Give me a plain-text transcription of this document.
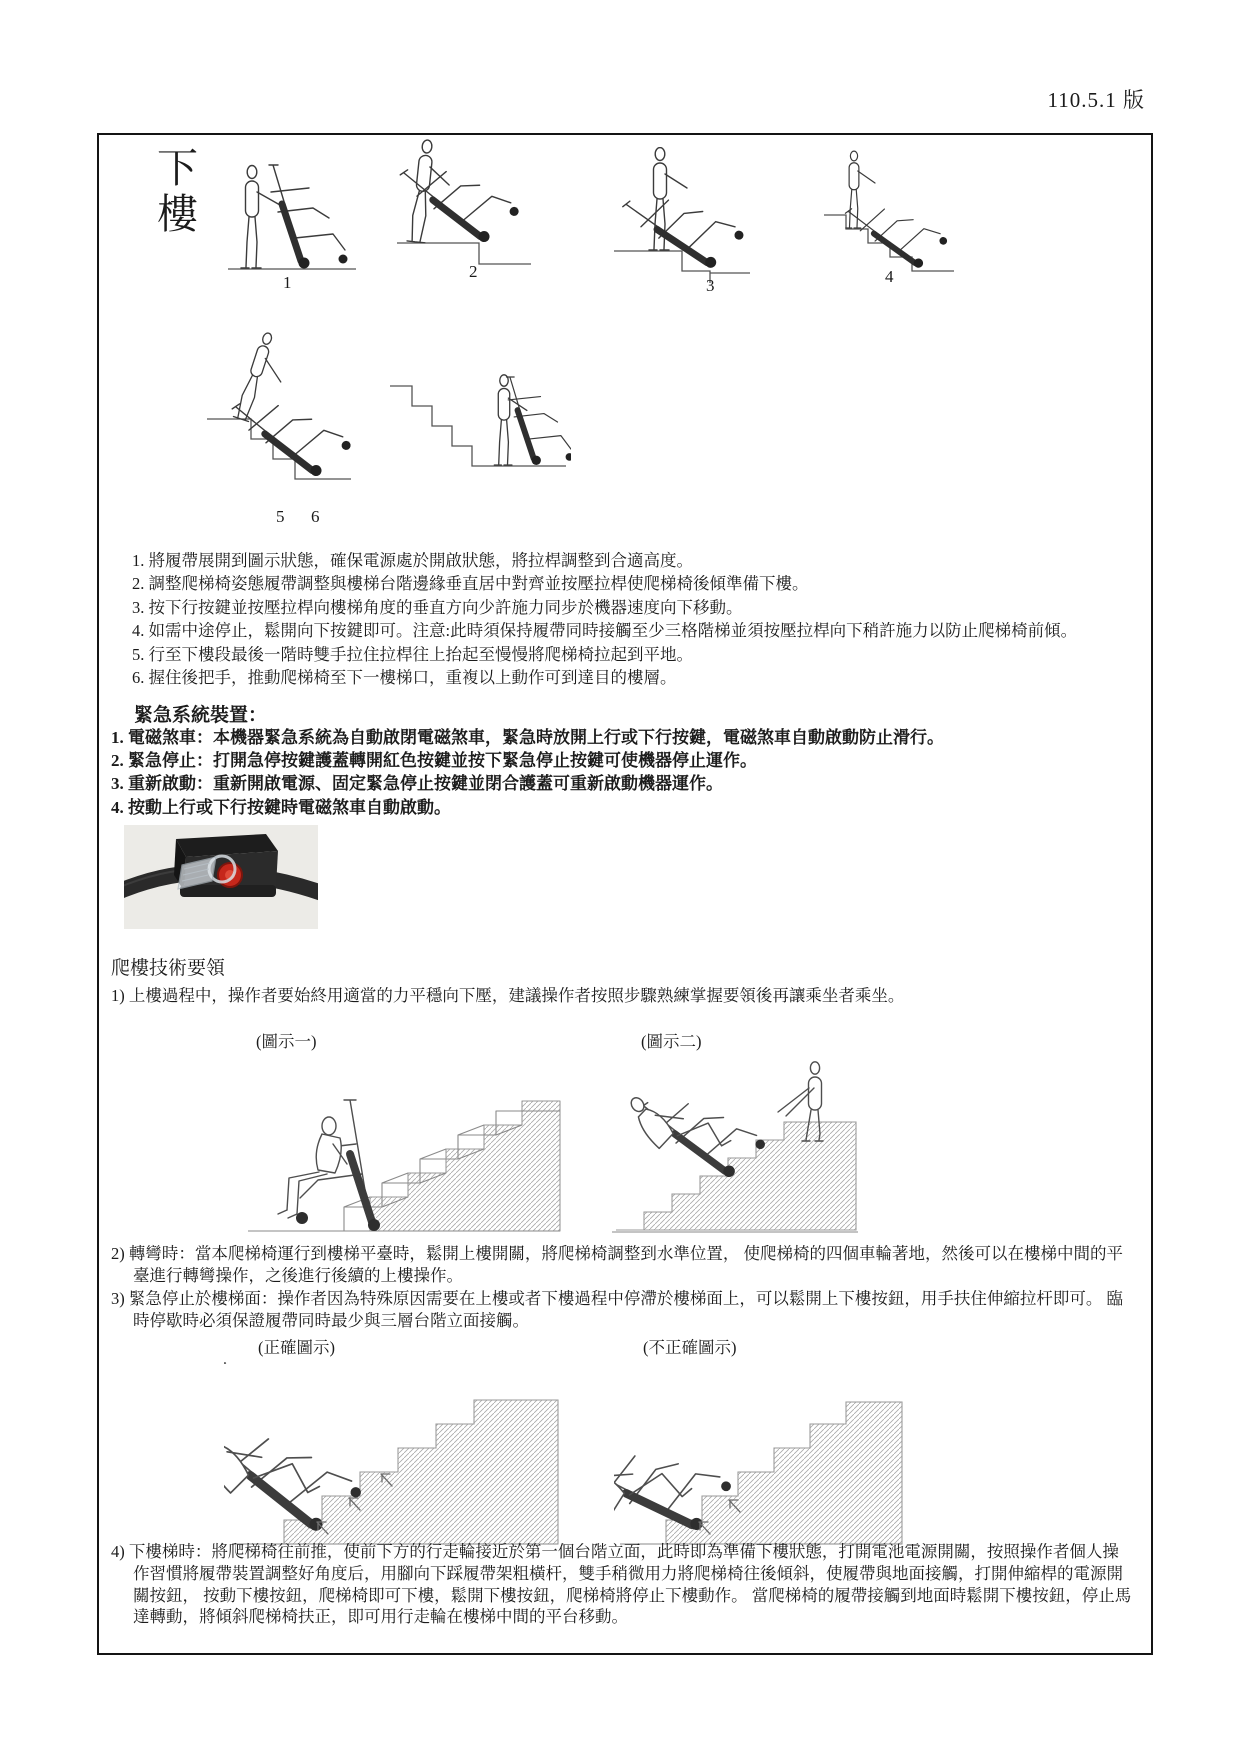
110.5.1 版
下樓
1
2
3	4
5 6
1. 將履帶展開到圖示狀態，確保電源處於開啟狀態，將拉桿調整到合適高度。
2. 調整爬梯椅姿態履帶調整與樓梯台階邊緣垂直居中對齊並按壓拉桿使爬梯椅後傾準備下樓。
3. 按下行按鍵並按壓拉桿向樓梯角度的垂直方向少許施力同步於機器速度向下移動。
4. 如需中途停止，鬆開向下按鍵即可。注意:此時須保持履帶同時接觸至少三格階梯並須按壓拉桿向下稍許施力以防止爬梯椅前傾。
5. 行至下樓段最後一階時雙手拉住拉桿往上抬起至慢慢將爬梯椅拉起到平地。
6. 握住後把手，推動爬梯椅至下一樓梯口，重複以上動作可到達目的樓層。
緊急系統裝置：
1. 電磁煞車：本機器緊急系統為自動啟閉電磁煞車，緊急時放開上行或下行按鍵，電磁煞車自動啟動防止滑行。
2. 緊急停止：打開急停按鍵護蓋轉開紅色按鍵並按下緊急停止按鍵可使機器停止運作。
3. 重新啟動：重新開啟電源、固定緊急停止按鍵並閉合護蓋可重新啟動機器運作。
4. 按動上行或下行按鍵時電磁煞車自動啟動。
爬樓技術要領
1) 上樓過程中，操作者要始終用適當的力平穩向下壓，建議操作者按照步驟熟練掌握要領後再讓乘坐者乘坐。
(圖示一)	(圖示二)

2) 轉彎時：當本爬梯椅運行到樓梯平臺時，鬆開上樓開關，將爬梯椅調整到水準位置， 使爬梯椅的四個車輪著地，然後可以在樓梯中間的平臺進行轉彎操作，之後進行後續的上樓操作。

3) 緊急停止於樓梯面：操作者因為特殊原因需要在上樓或者下樓過程中停滯於樓梯面上，可以鬆開上下樓按鈕，用手扶住伸縮拉杆即可。 臨時停歇時必須保證履帶同時最少與三層台階立面接觸。

(正確圖示)	(不正確圖示)

4) 下樓梯時：將爬梯椅往前推，使前下方的行走輪接近於第一個台階立面，此時即為準備下樓狀態，打開電池電源開關，按照操作者個人操作習慣將履帶裝置調整好角度后，用腳向下踩履帶架粗橫杆，雙手稍微用力將爬梯椅往後傾斜，使履帶與地面接觸，打開伸縮桿的電源開關按鈕， 按動下樓按鈕，爬梯椅即可下樓，鬆開下樓按鈕，爬梯椅將停止下樓動作。 當爬梯椅的履帶接觸到地面時鬆開下樓按鈕，停止馬達轉動，將傾斜爬梯椅扶正，即可用行走輪在樓梯中間的平台移動。
